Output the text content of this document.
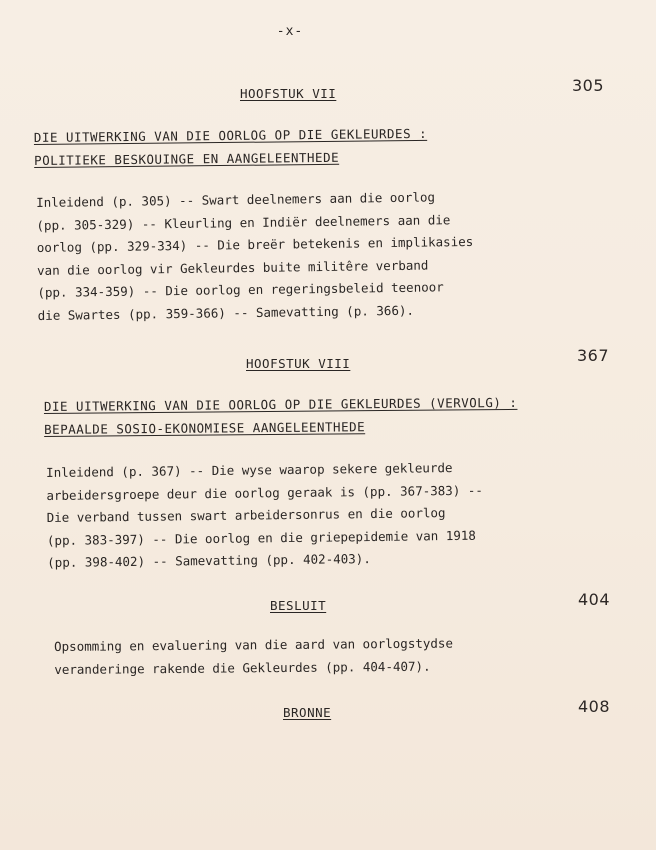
-x-
HOOFSTUK VII	305
DIE UITWERKING VAN DIE OORLOG OP DIE GEKLEURDES :
POLITIEKE BESKOUINGE EN AANGELEENTHEDE
Inleidend (p. 305) -- Swart deelnemers aan die oorlog
(pp. 305-329) -- Kleurling en Indiër deelnemers aan die
oorlog (pp. 329-334) -- Die breër betekenis en implikasies
van die oorlog vir Gekleurdes buite militêre verband
(pp. 334-359) -- Die oorlog en regeringsbeleid teenoor
die Swartes (pp. 359-366) -- Samevatting (p. 366).
HOOFSTUK VIII	367
DIE UITWERKING VAN DIE OORLOG OP DIE GEKLEURDES (VERVOLG) :
BEPAALDE SOSIO-EKONOMIESE AANGELEENTHEDE
Inleidend (p. 367) -- Die wyse waarop sekere gekleurde
arbeidersgroepe deur die oorlog geraak is (pp. 367-383) --
Die verband tussen swart arbeidersonrus en die oorlog
(pp. 383-397) -- Die oorlog en die griepepidemie van 1918
(pp. 398-402) -- Samevatting (pp. 402-403).
BESLUIT	404
Opsomming en evaluering van die aard van oorlogstydse
veranderinge rakende die Gekleurdes (pp. 404-407).
BRONNE	408
